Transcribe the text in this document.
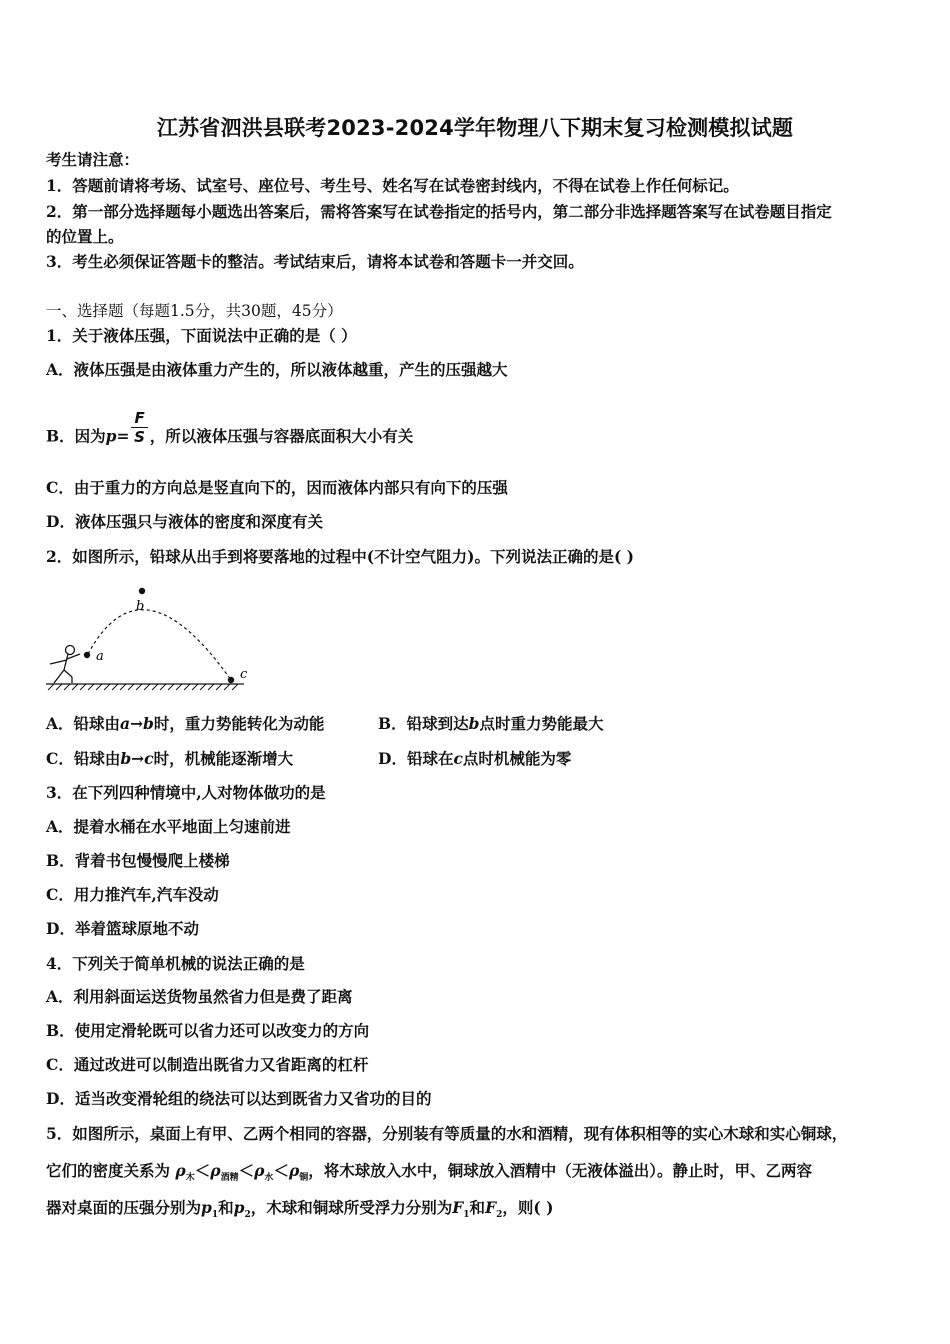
江苏省泗洪县联考2023-2024学年物理八下期末复习检测模拟试题
考生请注意：
1．答题前请将考场、试室号、座位号、考生号、姓名写在试卷密封线内，不得在试卷上作任何标记。
2．第一部分选择题每小题选出答案后，需将答案写在试卷指定的括号内，第二部分非选择题答案写在试卷题目指定
的位置上。
3．考生必须保证答题卡的整洁。考试结束后，请将本试卷和答题卡一并交回。
一、选择题（每题1.5分，共30题，45分）
1．关于液体压强，下面说法中正确的是（ ）
A．液体压强是由液体重力产生的，所以液体越重，产生的压强越大
B．因为$p= \frac{F}{S}$ ，所以液体压强与容器底面积大小有关
C．由于重力的方向总是竖直向下的，因而液体内部只有向下的压强
D．液体压强只与液体的密度和深度有关
2．如图所示，铅球从出手到将要落地的过程中(不计空气阻力)。下列说法正确的是( )
a
b
c
A．铅球由a→b时，重力势能转化为动能	B．铅球到达b点时重力势能最大
C．铅球由b→c时，机械能逐渐增大	D．铅球在c点时机械能为零
3．在下列四种情境中,人对物体做功的是
A．提着水桶在水平地面上匀速前进
B．背着书包慢慢爬上楼梯
C．用力推汽车,汽车没动
D．举着篮球原地不动
4．下列关于简单机械的说法正确的是
A．利用斜面运送货物虽然省力但是费了距离
B．使用定滑轮既可以省力还可以改变力的方向
C．通过改进可以制造出既省力又省距离的杠杆
D．适当改变滑轮组的绕法可以达到既省力又省功的目的
5．如图所示，桌面上有甲、乙两个相同的容器，分别装有等质量的水和酒精，现有体积相等的实心木球和实心铜球，
它们的密度关系为 $\rho_木<\rho_{酒精}<\rho_水<\rho_铜$，将木球放入水中，铜球放入酒精中（无液体溢出）。静止时，甲、乙两容
器对桌面的压强分别为$p_1$和$p_2$，木球和铜球所受浮力分别为$F_1$和$F_2$，则( )
